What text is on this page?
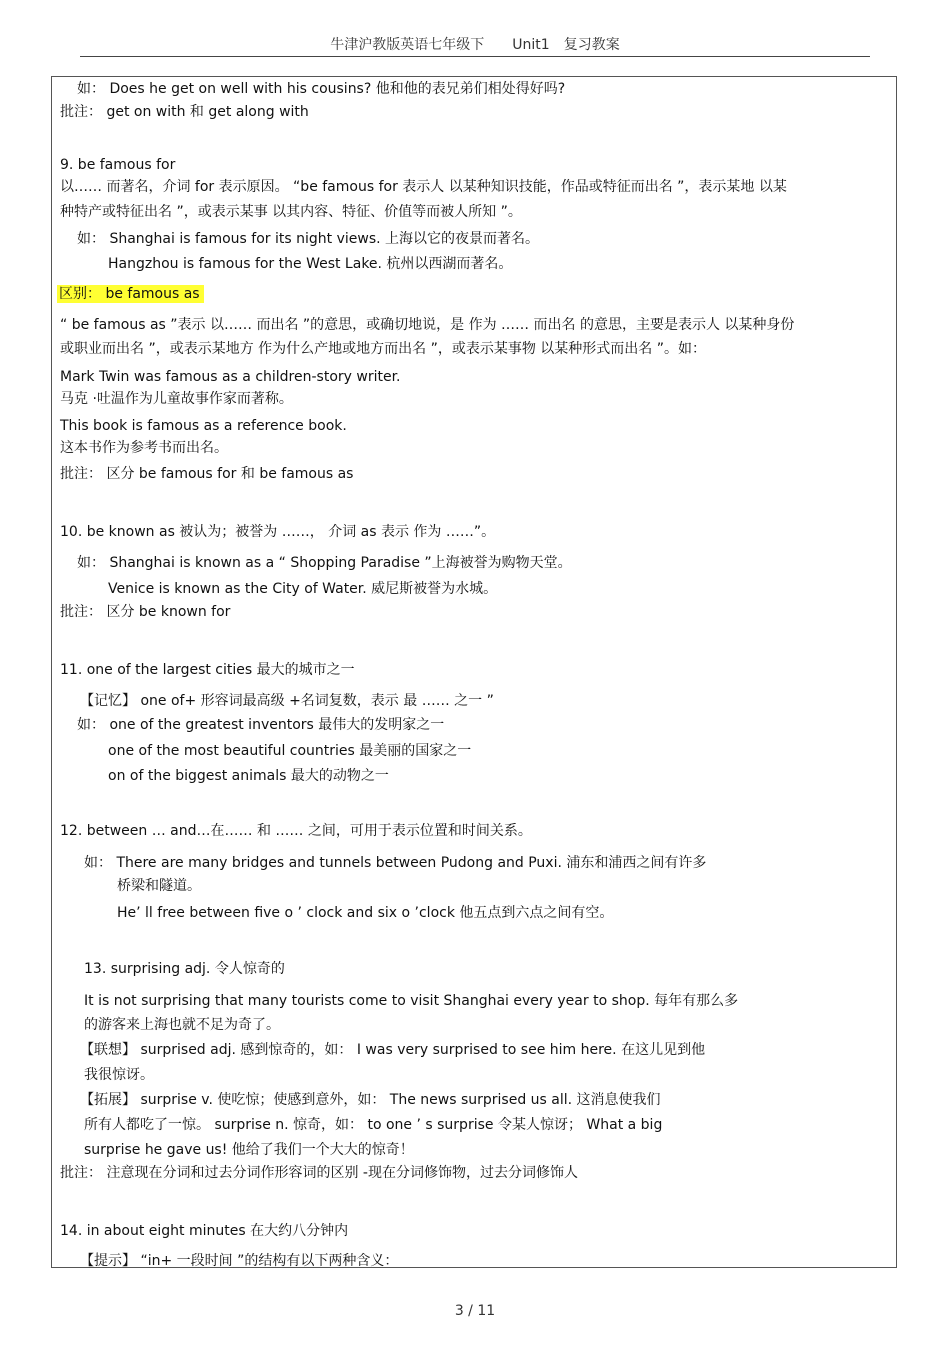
牛津沪教版英语七年级下　　Unit1　复习教案
如： Does he get on well with his cousins? 他和他的表兄弟们相处得好吗?
批注： get on with 和 get along with
9. be famous for
以…… 而著名，介词 for 表示原因。 “be famous for 表示人 以某种知识技能，作品或特征而出名 ”，表示某地 以某
种特产或特征出名 ”，或表示某事 以其内容、特征、价值等而被人所知 ”。
如： Shanghai is famous for its night views. 上海以它的夜景而著名。
Hangzhou is famous for the West Lake. 杭州以西湖而著名。
“ be famous as ”表示 以…… 而出名 ”的意思，或确切地说，是 作为 …… 而出名 的意思，主要是表示人 以某种身份
或职业而出名 ”，或表示某地方 作为什么产地或地方而出名 ”，或表示某事物 以某种形式而出名 ”。如：
Mark Twin was famous as a children-story writer.
马克 ·吐温作为儿童故事作家而著称。
This book is famous as a reference book.
这本书作为参考书而出名。
批注： 区分 be famous for 和 be famous as
10. be known as 被认为；被誉为 ……， 介词 as 表示 作为 ……”。
如： Shanghai is known as a “ Shopping Paradise ”上海被誉为购物天堂。
Venice is known as the City of Water. 威尼斯被誉为水城。
批注： 区分 be known for
11. one of the largest cities 最大的城市之一
【记忆】 one of+ 形容词最高级 +名词复数，表示 最 …… 之一 ”
如： one of the greatest inventors 最伟大的发明家之一
one of the most beautiful countries 最美丽的国家之一
on of the biggest animals 最大的动物之一
12. between … and…在…… 和 …… 之间，可用于表示位置和时间关系。
如： There are many bridges and tunnels between Pudong and Puxi. 浦东和浦西之间有许多
桥梁和隧道。
He’ ll free between five o ’ clock and six o ’clock 他五点到六点之间有空。
13. surprising adj. 令人惊奇的
It is not surprising that many tourists come to visit Shanghai every year to shop. 每年有那么多
的游客来上海也就不足为奇了。
【联想】 surprised adj. 感到惊奇的，如： I was very surprised to see him here. 在这儿见到他
我很惊讶。
【拓展】 surprise v. 使吃惊；使感到意外，如： The news surprised us all. 这消息使我们
所有人都吃了一惊。 surprise n. 惊奇，如： to one ’ s surprise 令某人惊讶； What a big
surprise he gave us! 他给了我们一个大大的惊奇！
批注： 注意现在分词和过去分词作形容词的区别 -现在分词修饰物，过去分词修饰人
14. in about eight minutes 在大约八分钟内
【提示】 “in+ 一段时间 ”的结构有以下两种含义：
区别： be famous as
3 / 11
